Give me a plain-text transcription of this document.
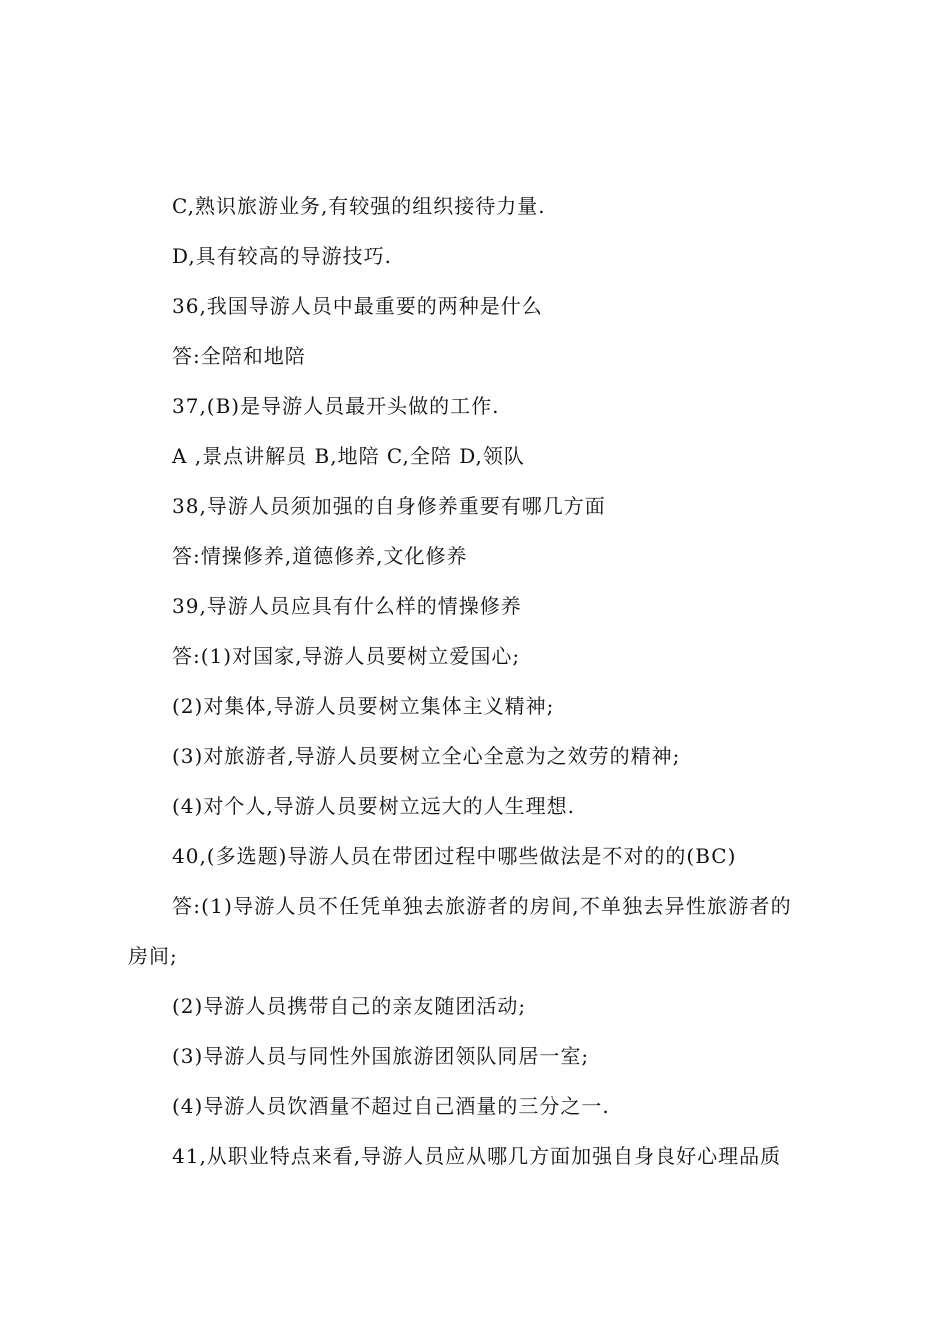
C,熟识旅游业务,有较强的组织接待力量.

D,具有较高的导游技巧.

36,我国导游人员中最重要的两种是什么

答:全陪和地陪

37,(B)是导游人员最开头做的工作.

A ,景点讲解员 B,地陪 C,全陪 D,领队

38,导游人员须加强的自身修养重要有哪几方面

答:情操修养,道德修养,文化修养

39,导游人员应具有什么样的情操修养

答:(1)对国家,导游人员要树立爱国心;

(2)对集体,导游人员要树立集体主义精神;

(3)对旅游者,导游人员要树立全心全意为之效劳的精神;

(4)对个人,导游人员要树立远大的人生理想.

40,(多选题)导游人员在带团过程中哪些做法是不对的的(BC)

答:(1)导游人员不任凭单独去旅游者的房间,不单独去异性旅游者的

房间;

(2)导游人员携带自己的亲友随团活动;

(3)导游人员与同性外国旅游团领队同居一室;

(4)导游人员饮酒量不超过自己酒量的三分之一.

41,从职业特点来看,导游人员应从哪几方面加强自身良好心理品质
